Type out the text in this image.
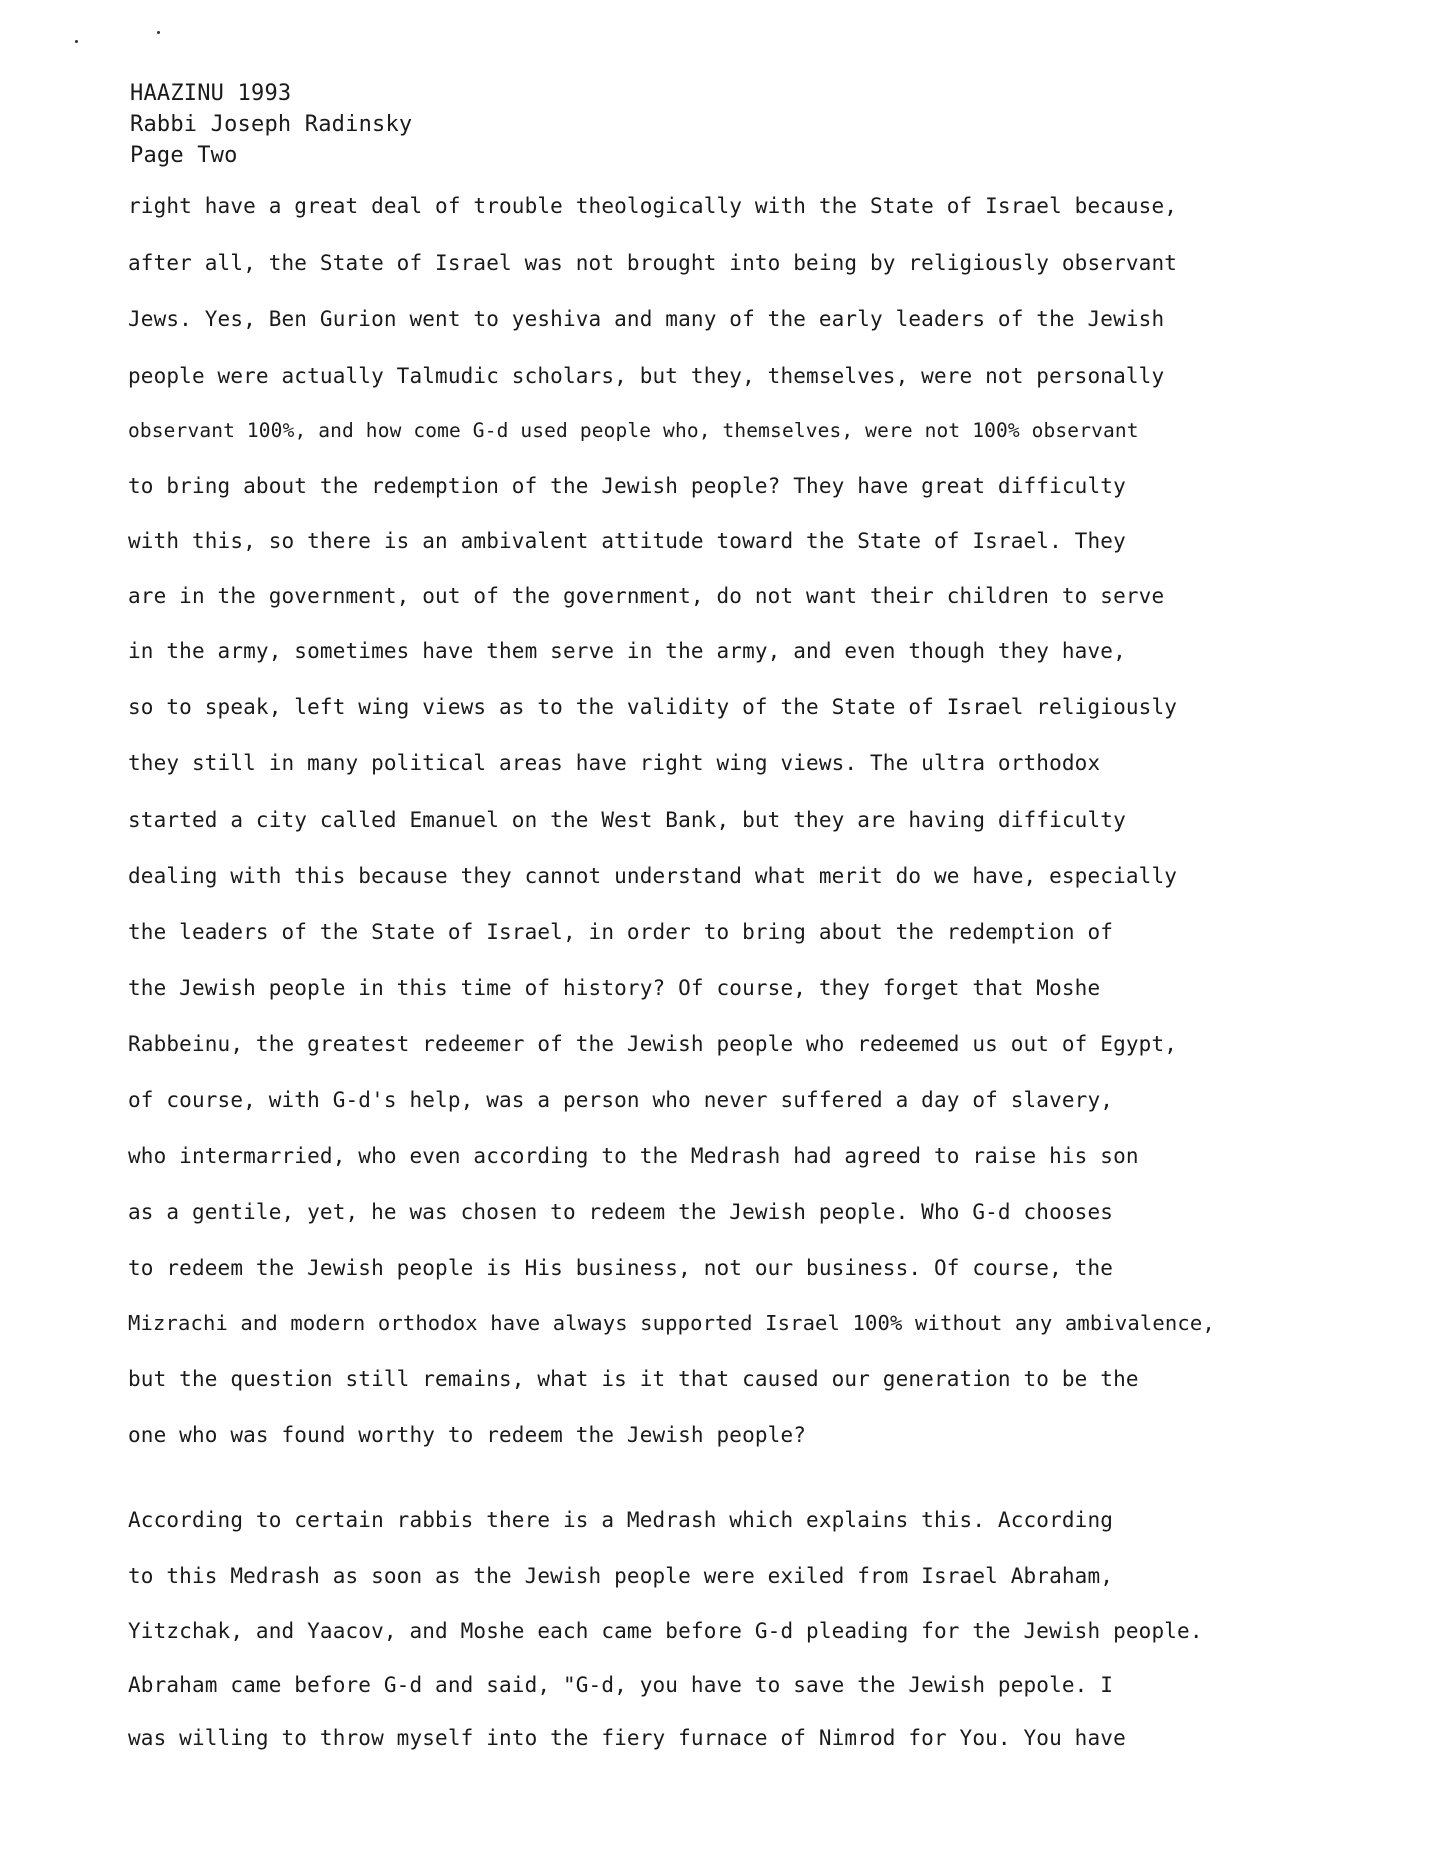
HAAZINU 1993
Rabbi Joseph Radinsky
Page Two
right have a great deal of trouble theologically with the State of Israel because,
after all, the State of Israel was not brought into being by religiously observant
Jews. Yes, Ben Gurion went to yeshiva and many of the early leaders of the Jewish
people were actually Talmudic scholars, but they, themselves, were not personally
observant 100%, and how come G-d used people who, themselves, were not 100% observant
to bring about the redemption of the Jewish people? They have great difficulty
with this, so there is an ambivalent attitude toward the State of Israel. They
are in the government, out of the government, do not want their children to serve
in the army, sometimes have them serve in the army, and even though they have,
so to speak, left wing views as to the validity of the State of Israel religiously
they still in many political areas have right wing views. The ultra orthodox
started a city called Emanuel on the West Bank, but they are having difficulty
dealing with this because they cannot understand what merit do we have, especially
the leaders of the State of Israel, in order to bring about the redemption of
the Jewish people in this time of history? Of course, they forget that Moshe
Rabbeinu, the greatest redeemer of the Jewish people who redeemed us out of Egypt,
of course, with G-d's help, was a person who never suffered a day of slavery,
who intermarried, who even according to the Medrash had agreed to raise his son
as a gentile, yet, he was chosen to redeem the Jewish people. Who G-d chooses
to redeem the Jewish people is His business, not our business. Of course, the
Mizrachi and modern orthodox have always supported Israel 100% without any ambivalence,
but the question still remains, what is it that caused our generation to be the
one who was found worthy to redeem the Jewish people?
According to certain rabbis there is a Medrash which explains this. According
to this Medrash as soon as the Jewish people were exiled from Israel Abraham,
Yitzchak, and Yaacov, and Moshe each came before G-d pleading for the Jewish people.
Abraham came before G-d and said, "G-d, you have to save the Jewish pepole. I
was willing to throw myself into the fiery furnace of Nimrod for You. You have
